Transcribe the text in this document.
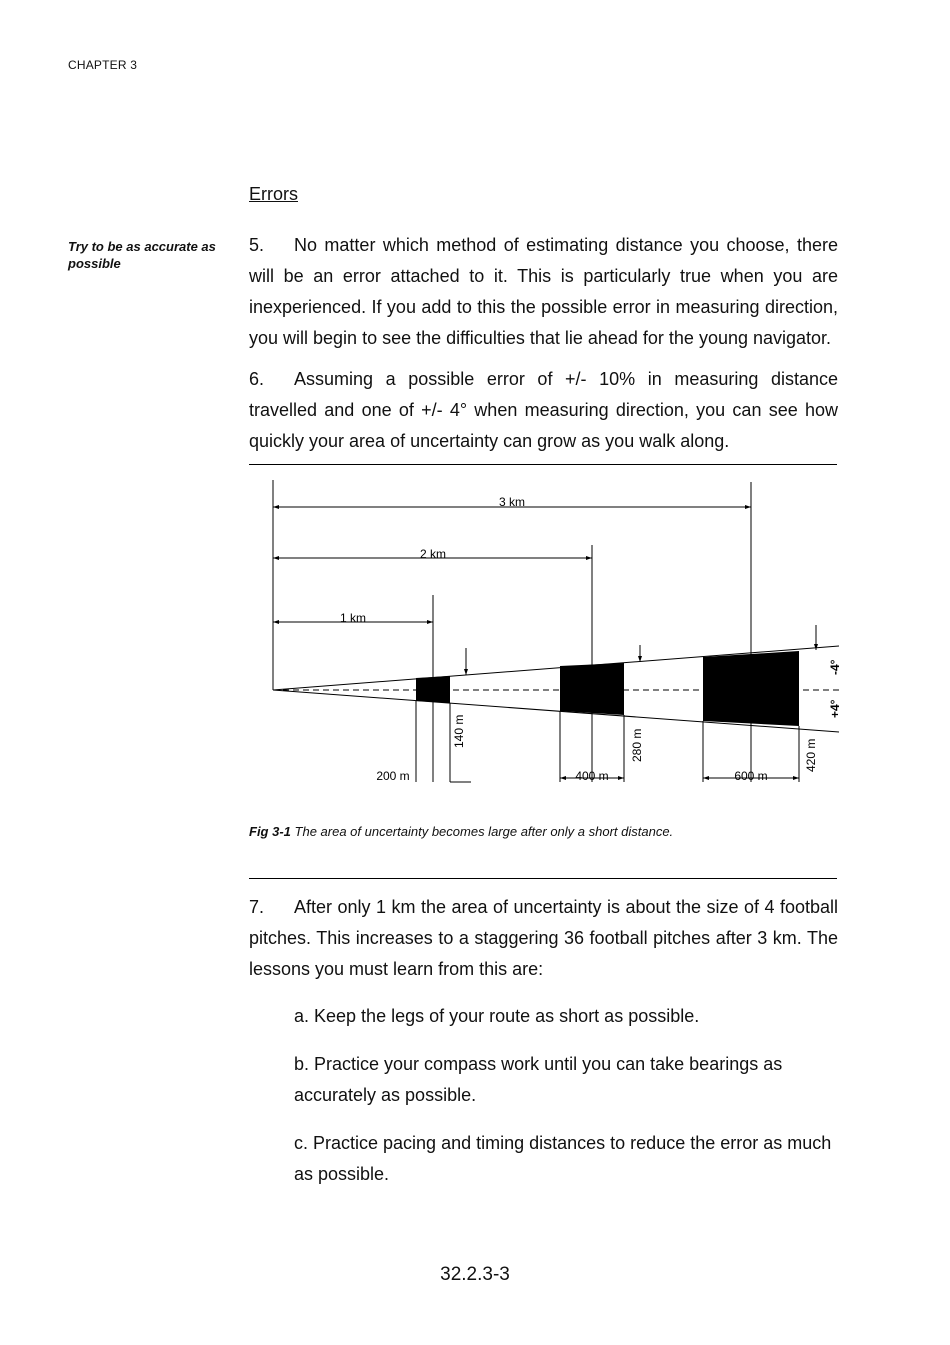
CHAPTER 3
Errors
Try to be as accurate as possible
5. No matter which method of estimating distance you choose, there will be an error attached to it. This is particularly true when you are inexperienced. If you add to this the possible error in measuring direction, you will begin to see the difficulties that lie ahead for the young navigator.
6. Assuming a possible error of +/- 10% in measuring distance travelled and one of +/- 4° when measuring direction, you can see how quickly your area of uncertainty can grow as you walk along.
3 km
2 km
1 km
140 m
200 m	400 m
280 m
600 m
420 m
-4°
+4°
Fig 3-1 The area of uncertainty becomes large after only a short distance.
7. After only 1 km the area of uncertainty is about the size of 4 football pitches. This increases to a staggering 36 football pitches after 3 km. The lessons you must learn from this are:
a. Keep the legs of your route as short as possible.
b. Practice your compass work until you can take bearings as accurately as possible.
c. Practice pacing and timing distances to reduce the error as much as possible.
32.2.3-3
